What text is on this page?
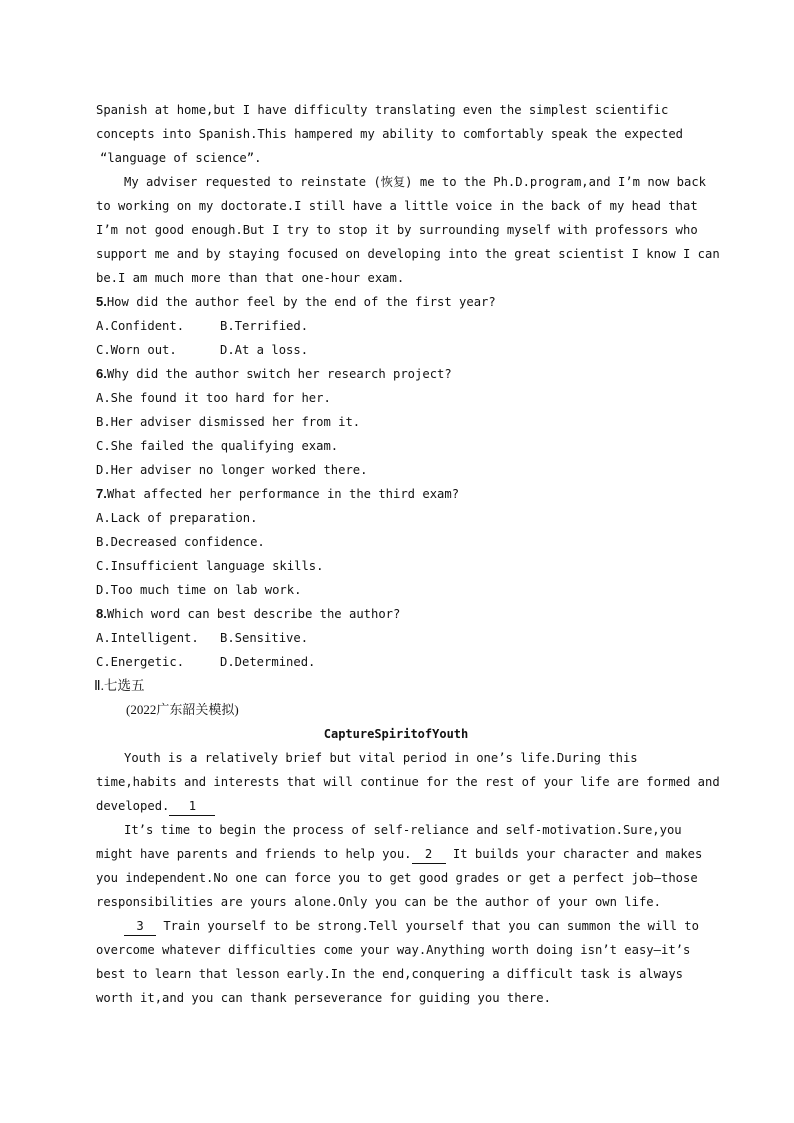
Spanish at home,but I have difficulty translating even the simplest scientific
concepts into Spanish.This hampered my ability to comfortably speak the expected
“language of science”.
My adviser requested to reinstate (恢复) me to the Ph.D.program,and I’m now back
to working on my doctorate.I still have a little voice in the back of my head that
I’m not good enough.But I try to stop it by surrounding myself with professors who
support me and by staying focused on developing into the great scientist I know I can
be.I am much more than that one-hour exam.
5.How did the author feel by the end of the first year?
A.Confident.	B.Terrified.
C.Worn out.	D.At a loss.
6.Why did the author switch her research project?
A.She found it too hard for her.
B.Her adviser dismissed her from it.
C.She failed the qualifying exam.
D.Her adviser no longer worked there.
7.What affected her performance in the third exam?
A.Lack of preparation.
B.Decreased confidence.
C.Insufficient language skills.
D.Too much time on lab work.
8.Which word can best describe the author?
A.Intelligent.	B.Sensitive.
C.Energetic.	D.Determined.
Ⅱ.七选五
(2022广东韶关模拟)
CaptureSpiritofYouth
Youth is a relatively brief but vital period in one’s life.During this
time,habits and interests that will continue for the rest of your life are formed and
developed. 1
It’s time to begin the process of self-reliance and self-motivation.Sure,you
might have parents and friends to help you. 2 It builds your character and makes
you independent.No one can force you to get good grades or get a perfect job—those
responsibilities are yours alone.Only you can be the author of your own life.
3 Train yourself to be strong.Tell yourself that you can summon the will to
overcome whatever difficulties come your way.Anything worth doing isn’t easy—it’s
best to learn that lesson early.In the end,conquering a difficult task is always
worth it,and you can thank perseverance for guiding you there.
